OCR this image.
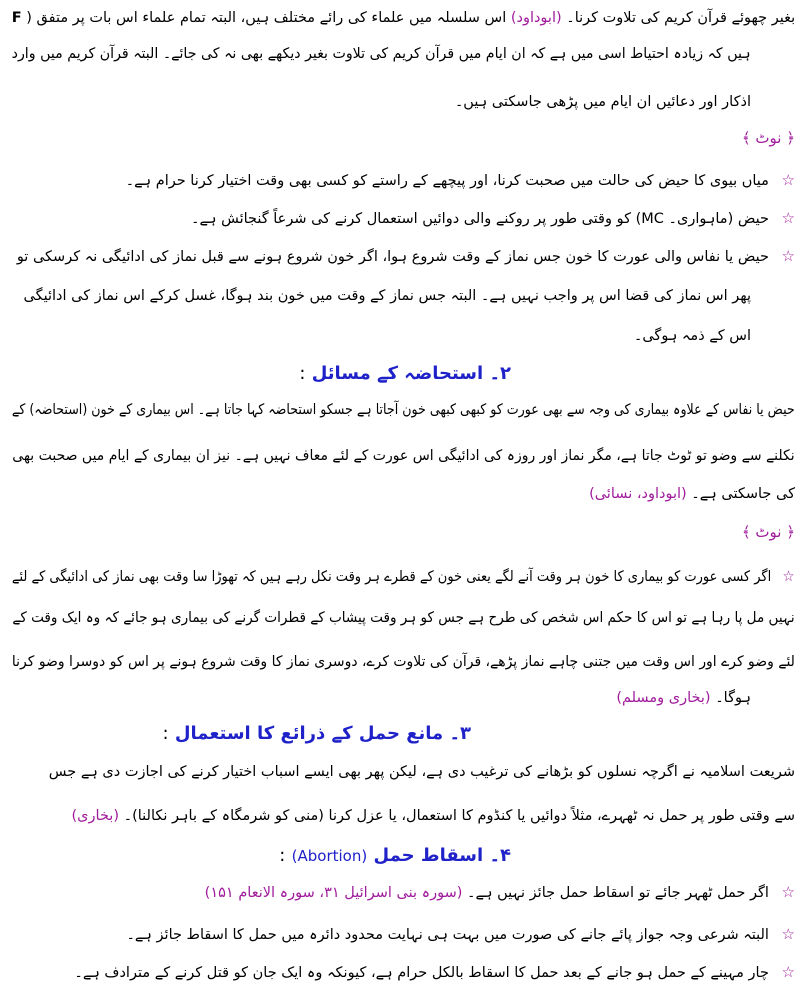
F )	بغیر چھوئے قرآن کریم کی تلاوت کرنا۔ (ابوداود) اس سلسلہ میں علماء کی رائے مختلف ہیں، البتہ تمام علماء اس بات پر متفق
ہیں کہ زیادہ احتیاط اسی میں ہے کہ ان ایام میں قرآن کریم کی تلاوت بغیر دیکھے بھی نہ کی جائے۔ البتہ قرآن کریم میں وارد
اذکار اور دعائیں ان ایام میں پڑھی جاسکتی ہیں۔
﴿ نوٹ ﴾
☆ میاں بیوی کا حیض کی حالت میں صحبت کرنا، اور پیچھے کے راستے کو کسی بھی وقت اختیار کرنا حرام ہے۔
☆ حیض (ماہواری۔ MC) کو وقتی طور پر روکنے والی دوائیں استعمال کرنے کی شرعاً گنجائش ہے۔
☆ حیض یا نفاس والی عورت کا خون جس نماز کے وقت شروع ہوا، اگر خون شروع ہونے سے قبل نماز کی ادائیگی نہ کرسکی تو
پھر اس نماز کی قضا اس پر واجب نہیں ہے۔ البتہ جس نماز کے وقت میں خون بند ہوگا، غسل کرکے اس نماز کی ادائیگی
اس کے ذمہ ہوگی۔
۲۔ استحاضہ کے مسائل :
حیض یا نفاس کے علاوہ بیماری کی وجہ سے بھی عورت کو کبھی کبھی خون آجاتا ہے جسکو استحاضہ کہا جاتا ہے۔ اس بیماری کے خون (استحاضہ) کے
نکلنے سے وضو تو ٹوٹ جاتا ہے، مگر نماز اور روزہ کی ادائیگی اس عورت کے لئے معاف نہیں ہے۔ نیز ان بیماری کے ایام میں صحبت بھی
کی جاسکتی ہے۔ (ابوداود، نسائی)
﴿ نوٹ ﴾
☆ اگر کسی عورت کو بیماری کا خون ہر وقت آنے لگے یعنی خون کے قطرے ہر وقت نکل رہے ہیں کہ تھوڑا سا وقت بھی نماز کی ادائیگی کے لئے
نہیں مل پا رہا ہے تو اس کا حکم اس شخص کی طرح ہے جس کو ہر وقت پیشاب کے قطرات گرنے کی بیماری ہو جائے کہ وہ ایک وقت کے
لئے وضو کرے اور اس وقت میں جتنی چاہے نماز پڑھے، قرآن کی تلاوت کرے، دوسری نماز کا وقت شروع ہونے پر اس کو دوسرا وضو کرنا
ہوگا۔ (بخاری ومسلم)
۳۔ مانع حمل کے ذرائع کا استعمال :
شریعت اسلامیہ نے اگرچہ نسلوں کو بڑھانے کی ترغیب دی ہے، لیکن پھر بھی ایسے اسباب اختیار کرنے کی اجازت دی ہے جس
سے وقتی طور پر حمل نہ ٹھہرے، مثلاً دوائیں یا کنڈوم کا استعمال، یا عزل کرنا (منی کو شرمگاہ کے باہر نکالنا)۔ (بخاری)
۴۔ اسقاط حمل (Abortion) :
☆ اگر حمل ٹھہر جائے تو اسقاط حمل جائز نہیں ہے۔ (سورہ بنی اسرائیل ۳۱، سورہ الانعام ۱۵۱)
☆ البتہ شرعی وجہ جواز پائے جانے کی صورت میں بہت ہی نہایت محدود دائرہ میں حمل کا اسقاط جائز ہے۔
☆ چار مہینے کے حمل ہو جانے کے بعد حمل کا اسقاط بالکل حرام ہے، کیونکہ وہ ایک جان کو قتل کرنے کے مترادف ہے۔
